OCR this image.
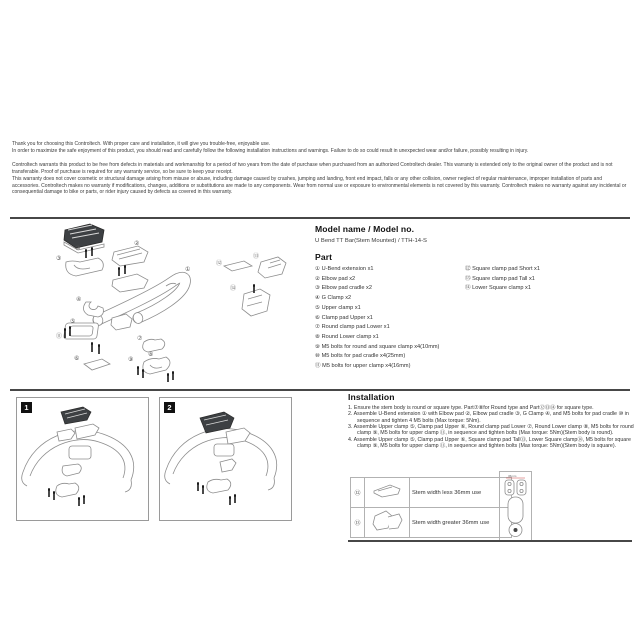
Thank you for choosing this Controltech. With proper care and installation, it will give you trouble-free, enjoyable use.
In order to maximize the safe enjoyment of this product, you should read and carefully follow the following installation instructions and warnings. Failure to do so could result in unexpected wear and/or failure, possibly resulting in injury.
Controltech warrants this product to be free from defects in materials and workmanship for a period of two years from the date of purchase when purchased from an authorized Controltech dealer. This warranty is extended only to the original owner of the product and is not transferable. Proof of purchase is required for any warranty service, so be sure to keep your receipt.
This warranty does not cover cosmetic or structural damage arising from misuse or abuse, including damage caused by crashes, jumping and landing, front end impact, falls or any other collision, owner neglect of regular maintenance, improper installation of parts and accessories. Controltech makes no warranty if modifications, changes, additions or substitutions are made to any components. Wear from normal use or exposure to environmental elements is not covered by this warranty. Controltech makes no warranty against any incidental or consequential damage to bike or parts, or rider injury caused by defects as covered in this warranty.
②
③
⑩
①
④
⑤
⑪
⑥
⑦
⑧
⑨
⑫
⑬
⑭
Model name / Model no.
U Bend TT Bar(Stem Mounted) / TTH-14-S
Part
① U-Bend extension x1
② Elbow pad x2
③ Elbow pad cradle x2
④ G Clamp x2
⑤ Upper clamp x1
⑥ Clamp pad Upper x1
⑦ Round clamp pad Lower x1
⑧ Round Lower clamp x1
⑨ M5 bolts for round and square clamp x4(10mm)
⑩ M5 bolts for pad cradle x4(25mm)
⑪ M5 bolts for upper clamp x4(16mm)
⑫ Square clamp pad Short x1
⑬ Square clamp pad Tall x1
⑭ Lower Square clamp x1
1	2
Installation
1. Ensure the stem body is round or square type. Part⑦⑧for Round type and Part⑫⑬⑭ for square type.
2. Assemble U-Bend extension ① with Elbow pad ②, Elbow pad cradle ③, G Clamp ④, and M5 bolts for pad cradle ⑩ in sequence and tighten 4 M5 bolts (Max torque: 5Nm).
3. Assemble Upper clamp ⑤, Clamp pad Upper ⑥, Round clamp pad Lower ⑦, Round Lower clamp ⑧, M5 bolts for round clamp ⑨, M5 bolts for upper clamp ⑪, in sequence and tighten bolts (Max torque: 5Nm)(Stem body is round).
4. Assemble Upper clamp ⑤, Clamp pad Upper ⑥, Square clamp pad Tall⑬, Lower Square clamp⑭, M5 bolts for square clamp ⑨, M5 bolts for upper clamp ⑪, in sequence and tighten bolts (Max torque: 5Nm)(Stem body is square).
⑫		Stem width less 36mm use
⑬		Stem width greater 36mm use
36mm
